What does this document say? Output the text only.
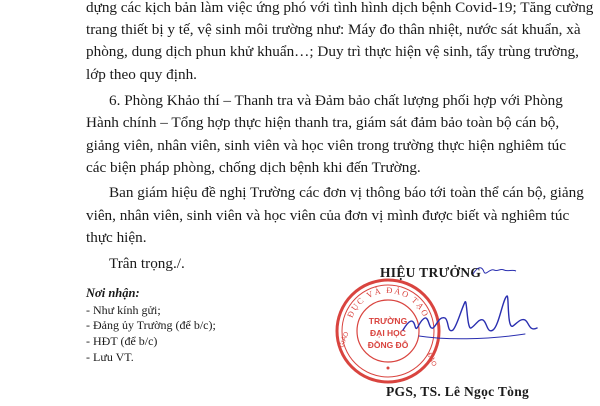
dựng các kịch bản làm việc ứng phó với tình hình dịch bệnh Covid-19; Tăng cường
trang thiết bị y tế, vệ sinh môi trường như: Máy đo thân nhiệt, nước sát khuẩn, xà
phòng, dung dịch phun khử khuẩn…; Duy trì thực hiện vệ sinh, tẩy trùng trường,
lớp theo quy định.
6. Phòng Khảo thí – Thanh tra và Đảm bảo chất lượng phối hợp với Phòng
Hành chính – Tổng hợp thực hiện thanh tra, giám sát đảm bảo toàn bộ cán bộ,
giảng viên, nhân viên, sinh viên và học viên trong trường thực hiện nghiêm túc
các biện pháp phòng, chống dịch bệnh khi đến Trường.
Ban giám hiệu đề nghị Trường các đơn vị thông báo tới toàn thể cán bộ, giảng
viên, nhân viên, sinh viên và học viên của đơn vị mình được biết và nghiêm túc
thực hiện.
Trân trọng./.
Nơi nhận:
- Như kính gửi;
- Đảng ủy Trường (để b/c);
- HĐT (để b/c)
- Lưu VT.
HIỆU TRƯỞNG
ĐỤC VÀ ĐÀO TẠO
GIÁO
ĐÀO
TRƯỜNG
ĐẠI HỌC
ĐỒNG ĐÔ
PGS, TS. Lê Ngọc Tòng
